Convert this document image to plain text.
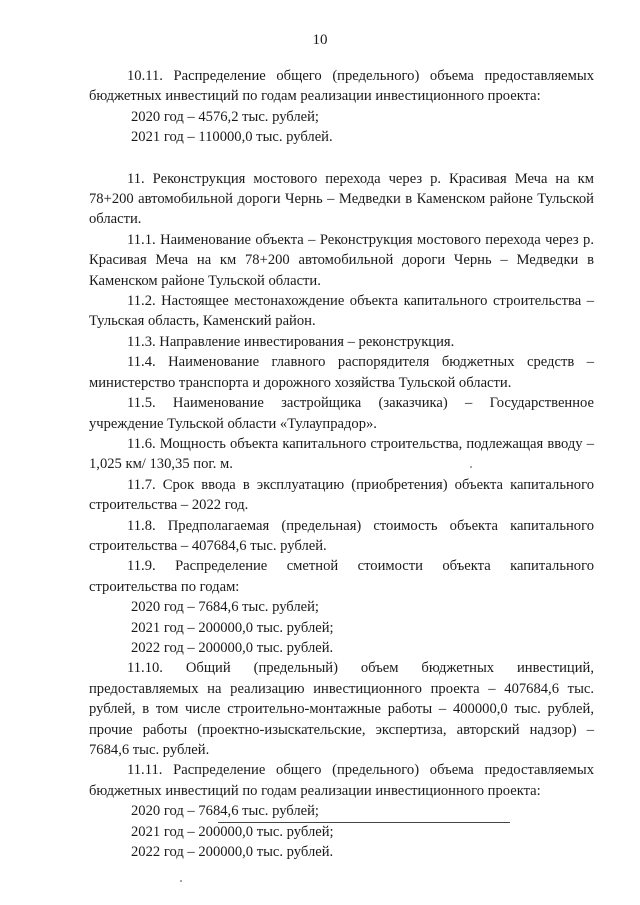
10

10.11. Распределение общего (предельного) объема предоставляемых бюджетных инвестиций по годам реализации инвестиционного проекта:

2020 год – 4576,2 тыс. рублей;

2021 год – 110000,0 тыс. рублей.

11. Реконструкция мостового перехода через р. Красивая Меча на км 78+200 автомобильной дороги Чернь – Медведки в Каменском районе Тульской области.

11.1. Наименование объекта – Реконструкция мостового перехода через р. Красивая Меча на км 78+200 автомобильной дороги Чернь – Медведки в Каменском районе Тульской области.

11.2. Настоящее местонахождение объекта капитального строительства – Тульская область, Каменский район.

11.3. Направление инвестирования – реконструкция.

11.4. Наименование главного распорядителя бюджетных средств – министерство транспорта и дорожного хозяйства Тульской области.

11.5. Наименование застройщика (заказчика) – Государственное учреждение Тульской области «Тулаупрадор».

11.6. Мощность объекта капитального строительства, подлежащая вводу – 1,025 км/ 130,35 пог. м.

11.7. Срок ввода в эксплуатацию (приобретения) объекта капитального строительства – 2022 год.

11.8. Предполагаемая (предельная) стоимость объекта капитального строительства – 407684,6 тыс. рублей.

11.9. Распределение сметной стоимости объекта капитального строительства по годам:

2020 год – 7684,6 тыс. рублей;

2021 год – 200000,0 тыс. рублей;

2022 год – 200000,0 тыс. рублей.

11.10. Общий (предельный) объем бюджетных инвестиций, предоставляемых на реализацию инвестиционного проекта – 407684,6 тыс. рублей, в том числе строительно-монтажные работы – 400000,0 тыс. рублей, прочие работы (проектно-изыскательские, экспертиза, авторский надзор) – 7684,6 тыс. рублей.

11.11. Распределение общего (предельного) объема предоставляемых бюджетных инвестиций по годам реализации инвестиционного проекта:

2020 год – 7684,6 тыс. рублей;

2021 год – 200000,0 тыс. рублей;

2022 год – 200000,0 тыс. рублей.
